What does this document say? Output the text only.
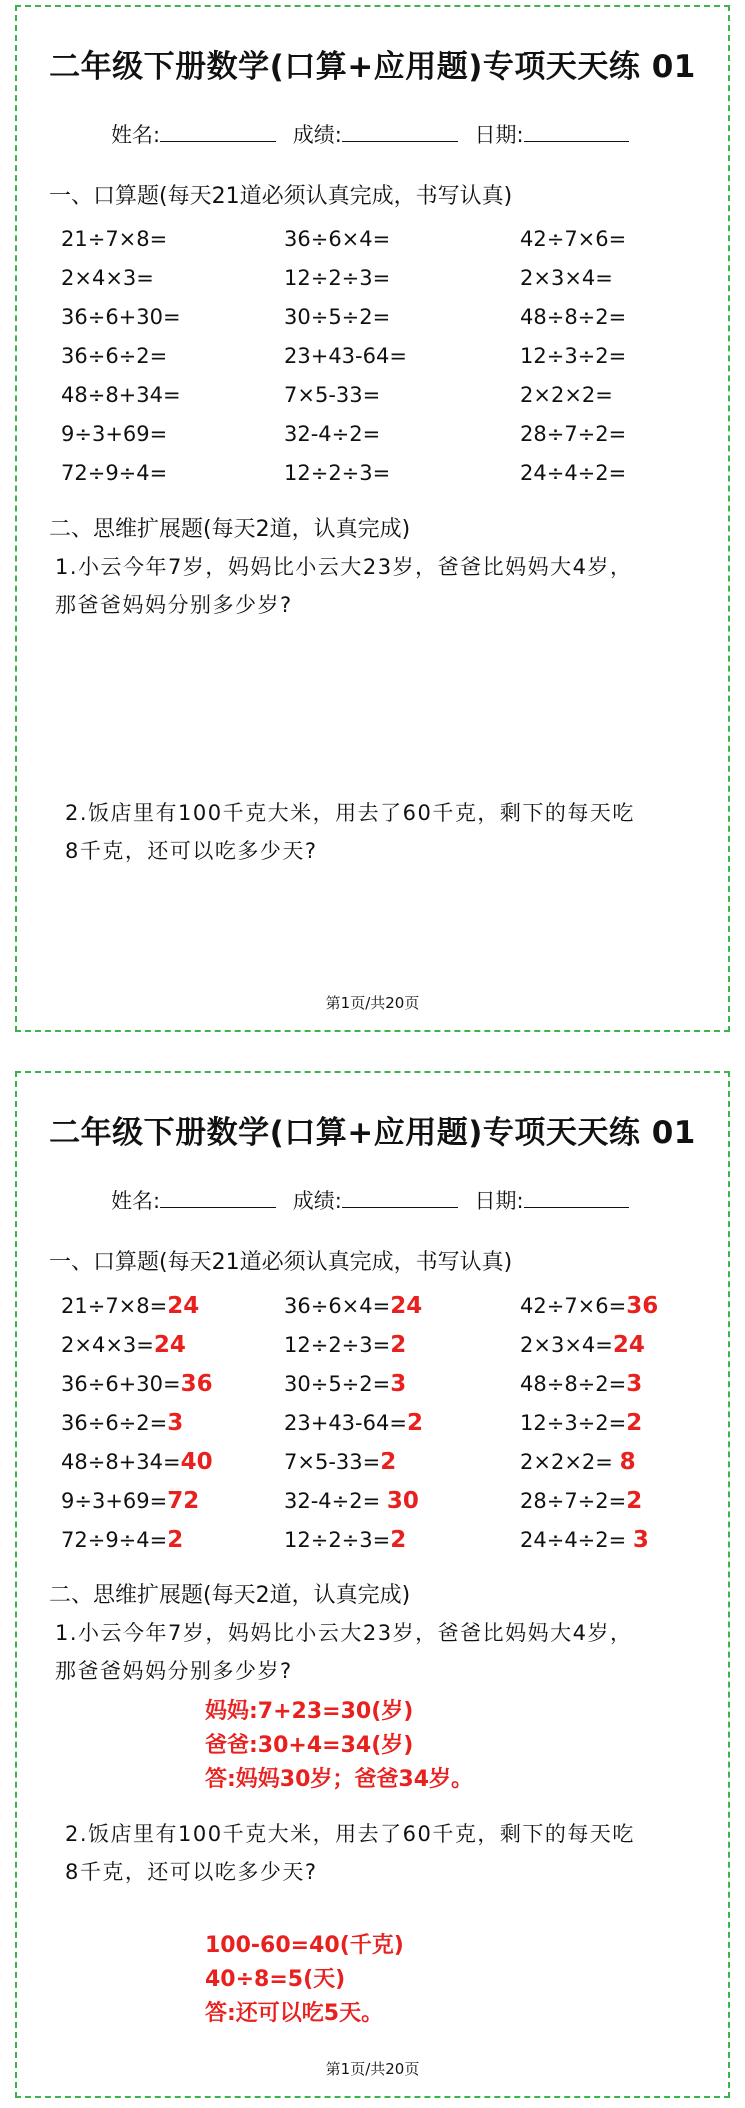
二年级下册数学(口算+应用题)专项天天练 01
姓名:	成绩:	日期:
一、口算题(每天21道必须认真完成，书写认真)
21÷7×8=	36÷6×4=	42÷7×6=
2×4×3=	12÷2÷3=	2×3×4=
36÷6+30=	30÷5÷2=	48÷8÷2=
36÷6÷2=	23+43-64=	12÷3÷2=
48÷8+34=	7×5-33=	2×2×2=
9÷3+69=	32-4÷2=	28÷7÷2=
72÷9÷4=	12÷2÷3=	24÷4÷2=
二、思维扩展题(每天2道，认真完成)
1.小云今年7岁，妈妈比小云大23岁，爸爸比妈妈大4岁，
那爸爸妈妈分别多少岁?
2.饭店里有100千克大米，用去了60千克，剩下的每天吃
8千克，还可以吃多少天?
第1页/共20页
二年级下册数学(口算+应用题)专项天天练 01
姓名:	成绩:	日期:
一、口算题(每天21道必须认真完成，书写认真)
21÷7×8=24	36÷6×4=24	42÷7×6=36
2×4×3=24	12÷2÷3=2	2×3×4=24
36÷6+30=36	30÷5÷2=3	48÷8÷2=3
36÷6÷2=3	23+43-64=2	12÷3÷2=2
48÷8+34=40	7×5-33=2	2×2×2= 8
9÷3+69=72	32-4÷2= 30	28÷7÷2=2
72÷9÷4=2	12÷2÷3=2	24÷4÷2= 3
二、思维扩展题(每天2道，认真完成)
1.小云今年7岁，妈妈比小云大23岁，爸爸比妈妈大4岁，
那爸爸妈妈分别多少岁?
妈妈:7+23=30(岁)
爸爸:30+4=34(岁)
答:妈妈30岁；爸爸34岁。
2.饭店里有100千克大米，用去了60千克，剩下的每天吃
8千克，还可以吃多少天?
100-60=40(千克)
40÷8=5(天)
答:还可以吃5天。
第1页/共20页
